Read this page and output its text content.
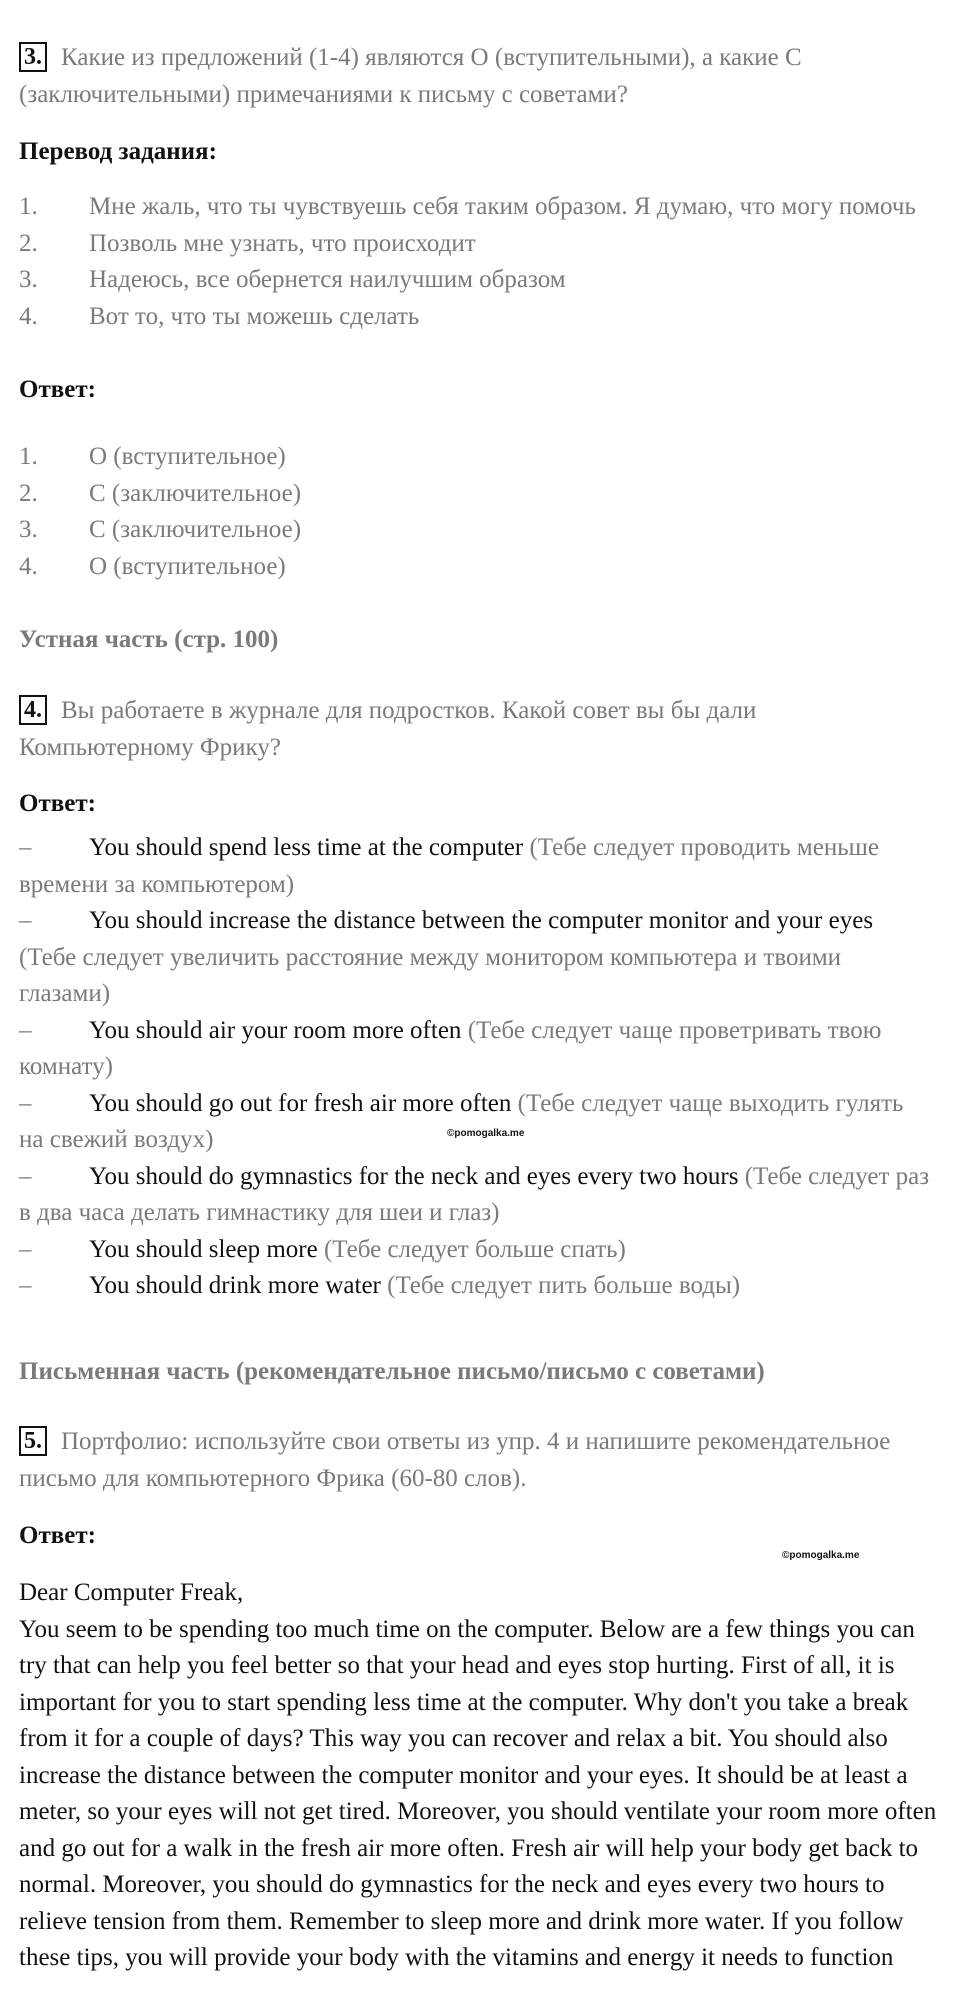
3. Какие из предложений (1-4) являются O (вступительными), а какие C (заключительными) примечаниями к письму с советами?
Перевод задания:
1. Мне жаль, что ты чувствуешь себя таким образом. Я думаю, что могу помочь
2. Позволь мне узнать, что происходит
3. Надеюсь, все обернется наилучшим образом
4. Вот то, что ты можешь сделать
Ответ:
1. O (вступительное)
2. C (заключительное)
3. C (заключительное)
4. O (вступительное)
Устная часть (стр. 100)
4. Вы работаете в журнале для подростков. Какой совет вы бы дали Компьютерному Фрику?
Ответ:
– You should spend less time at the computer (Тебе следует проводить меньше времени за компьютером)
– You should increase the distance between the computer monitor and your eyes (Тебе следует увеличить расстояние между монитором компьютера и твоими глазами)
– You should air your room more often (Тебе следует чаще проветривать твою комнату)
– You should go out for fresh air more often (Тебе следует чаще выходить гулять на свежий воздух)
– You should do gymnastics for the neck and eyes every two hours (Тебе следует раз в два часа делать гимнастику для шеи и глаз)
– You should sleep more (Тебе следует больше спать)
– You should drink more water (Тебе следует пить больше воды)
©pomogalka.me
Письменная часть (рекомендательное письмо/письмо с советами)
5. Портфолио: используйте свои ответы из упр. 4 и напишите рекомендательное письмо для компьютерного Фрика (60-80 слов).
Ответ:
©pomogalka.me
Dear Computer Freak,
You seem to be spending too much time on the computer. Below are a few things you can try that can help you feel better so that your head and eyes stop hurting. First of all, it is important for you to start spending less time at the computer. Why don't you take a break from it for a couple of days? This way you can recover and relax a bit. You should also increase the distance between the computer monitor and your eyes. It should be at least a meter, so your eyes will not get tired. Moreover, you should ventilate your room more often and go out for a walk in the fresh air more often. Fresh air will help your body get back to normal. Moreover, you should do gymnastics for the neck and eyes every two hours to relieve tension from them. Remember to sleep more and drink more water. If you follow these tips, you will provide your body with the vitamins and energy it needs to function
